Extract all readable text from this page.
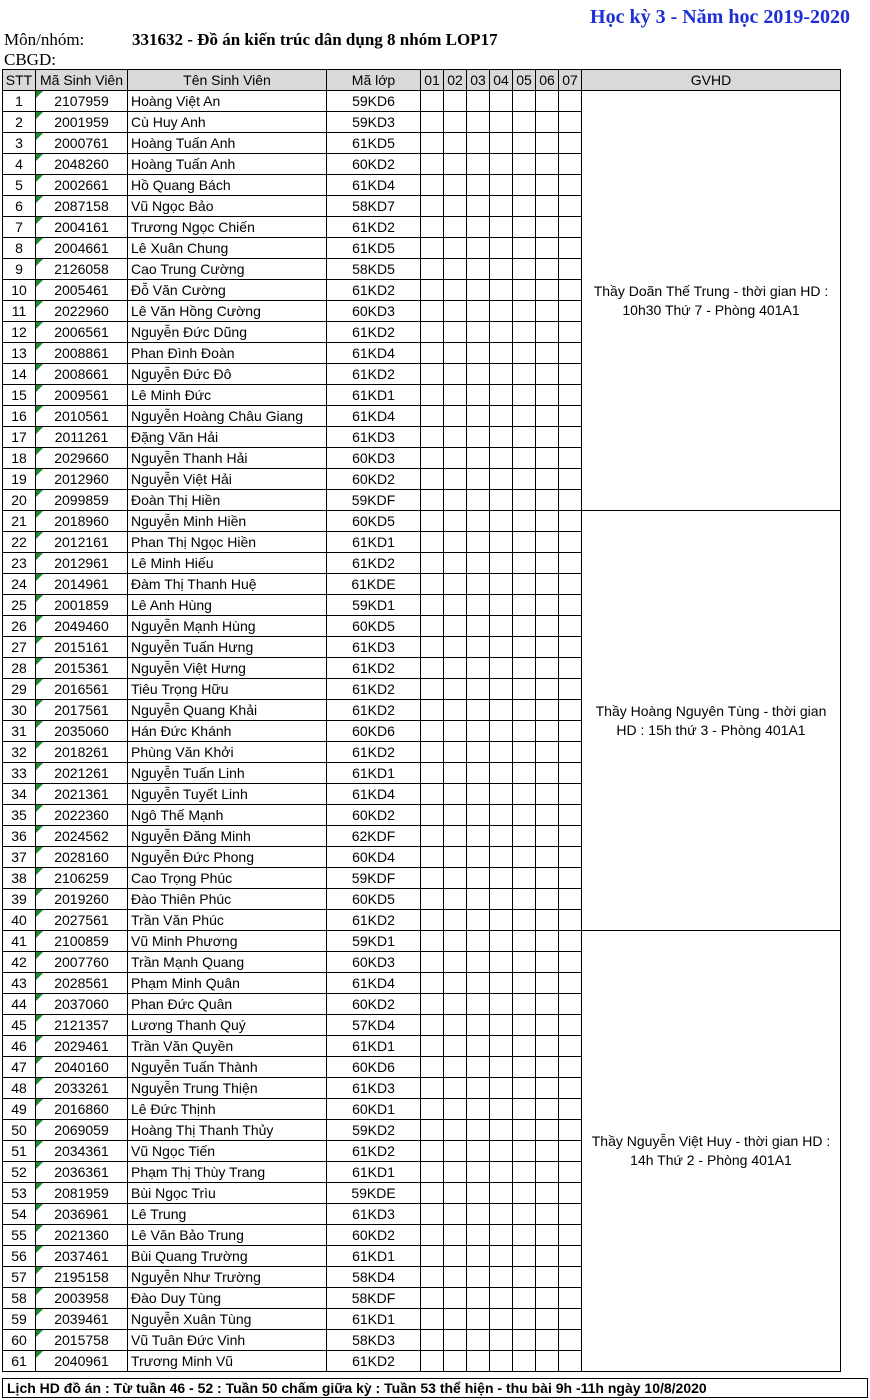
Học kỳ 3 - Năm học 2019-2020
Môn/nhóm:	331632 - Đồ án kiến trúc dân dụng 8 nhóm LOP17
CBGD:
STT	Mã Sinh Viên	Tên Sinh Viên	Mã lớp	01	02	03	04	05	06	07	GVHD
1	2107959	Hoàng Việt An	59KD6								Thầy Doãn Thế Trung - thời gian HD : 10h30 Thứ 7 - Phòng 401A1
2	2001959	Cù Huy Anh	59KD3								
3	2000761	Hoàng Tuấn Anh	61KD5								
4	2048260	Hoàng Tuấn Anh	60KD2								
5	2002661	Hồ Quang Bách	61KD4								
6	2087158	Vũ Ngọc Bảo	58KD7								
7	2004161	Trương Ngọc Chiến	61KD2								
8	2004661	Lê Xuân Chung	61KD5								
9	2126058	Cao Trung Cường	58KD5								
10	2005461	Đỗ Văn Cường	61KD2								
11	2022960	Lê Văn Hồng Cường	60KD3								
12	2006561	Nguyễn Đức Dũng	61KD2								
13	2008861	Phan Đình Đoàn	61KD4								
14	2008661	Nguyễn Đức Đô	61KD2								
15	2009561	Lê Minh Đức	61KD1								
16	2010561	Nguyễn Hoàng Châu Giang	61KD4								
17	2011261	Đặng Văn Hải	61KD3								
18	2029660	Nguyễn Thanh Hải	60KD3								
19	2012960	Nguyễn Việt Hải	60KD2								
20	2099859	Đoàn Thị Hiền	59KDF								
21	2018960	Nguyễn Minh Hiền	60KD5								Thầy Hoàng Nguyên Tùng - thời gian HD : 15h thứ 3 - Phòng 401A1
22	2012161	Phan Thị Ngọc Hiền	61KD1								
23	2012961	Lê Minh Hiếu	61KD2								
24	2014961	Đàm Thị Thanh Huệ	61KDE								
25	2001859	Lê Anh Hùng	59KD1								
26	2049460	Nguyễn Mạnh Hùng	60KD5								
27	2015161	Nguyễn Tuấn Hưng	61KD3								
28	2015361	Nguyễn Việt Hưng	61KD2								
29	2016561	Tiêu Trọng Hữu	61KD2								
30	2017561	Nguyễn Quang Khải	61KD2								
31	2035060	Hán Đức Khánh	60KD6								
32	2018261	Phùng Văn Khởi	61KD2								
33	2021261	Nguyễn Tuấn Linh	61KD1								
34	2021361	Nguyễn Tuyết Linh	61KD4								
35	2022360	Ngô Thế Mạnh	60KD2								
36	2024562	Nguyễn Đăng Minh	62KDF								
37	2028160	Nguyễn Đức Phong	60KD4								
38	2106259	Cao Trọng Phúc	59KDF								
39	2019260	Đào Thiên Phúc	60KD5								
40	2027561	Trần Văn Phúc	61KD2								
41	2100859	Vũ Minh Phương	59KD1								Thầy Nguyễn Việt Huy - thời gian HD : 14h Thứ 2 - Phòng 401A1
42	2007760	Trần Mạnh Quang	60KD3								
43	2028561	Phạm Minh Quân	61KD4								
44	2037060	Phan Đức Quân	60KD2								
45	2121357	Lương Thanh Quý	57KD4								
46	2029461	Trần Văn Quyền	61KD1								
47	2040160	Nguyễn Tuấn Thành	60KD6								
48	2033261	Nguyễn Trung Thiện	61KD3								
49	2016860	Lê Đức Thịnh	60KD1								
50	2069059	Hoàng Thị Thanh Thủy	59KD2								
51	2034361	Vũ Ngọc Tiến	61KD2								
52	2036361	Phạm Thị Thùy Trang	61KD1								
53	2081959	Bùi Ngọc Trìu	59KDE								
54	2036961	Lê Trung	61KD3								
55	2021360	Lê Văn Bảo Trung	60KD2								
56	2037461	Bùi Quang Trường	61KD1								
57	2195158	Nguyễn Như Trường	58KD4								
58	2003958	Đào Duy Tùng	58KDF								
59	2039461	Nguyễn Xuân Tùng	61KD1								
60	2015758	Vũ Tuân Đức Vinh	58KD3								
61	2040961	Trương Minh Vũ	61KD2								
Lịch HD đồ án : Từ tuần 46 - 52 : Tuần 50 chấm giữa kỳ : Tuần 53 thể hiện - thu bài 9h -11h ngày 10/8/2020
